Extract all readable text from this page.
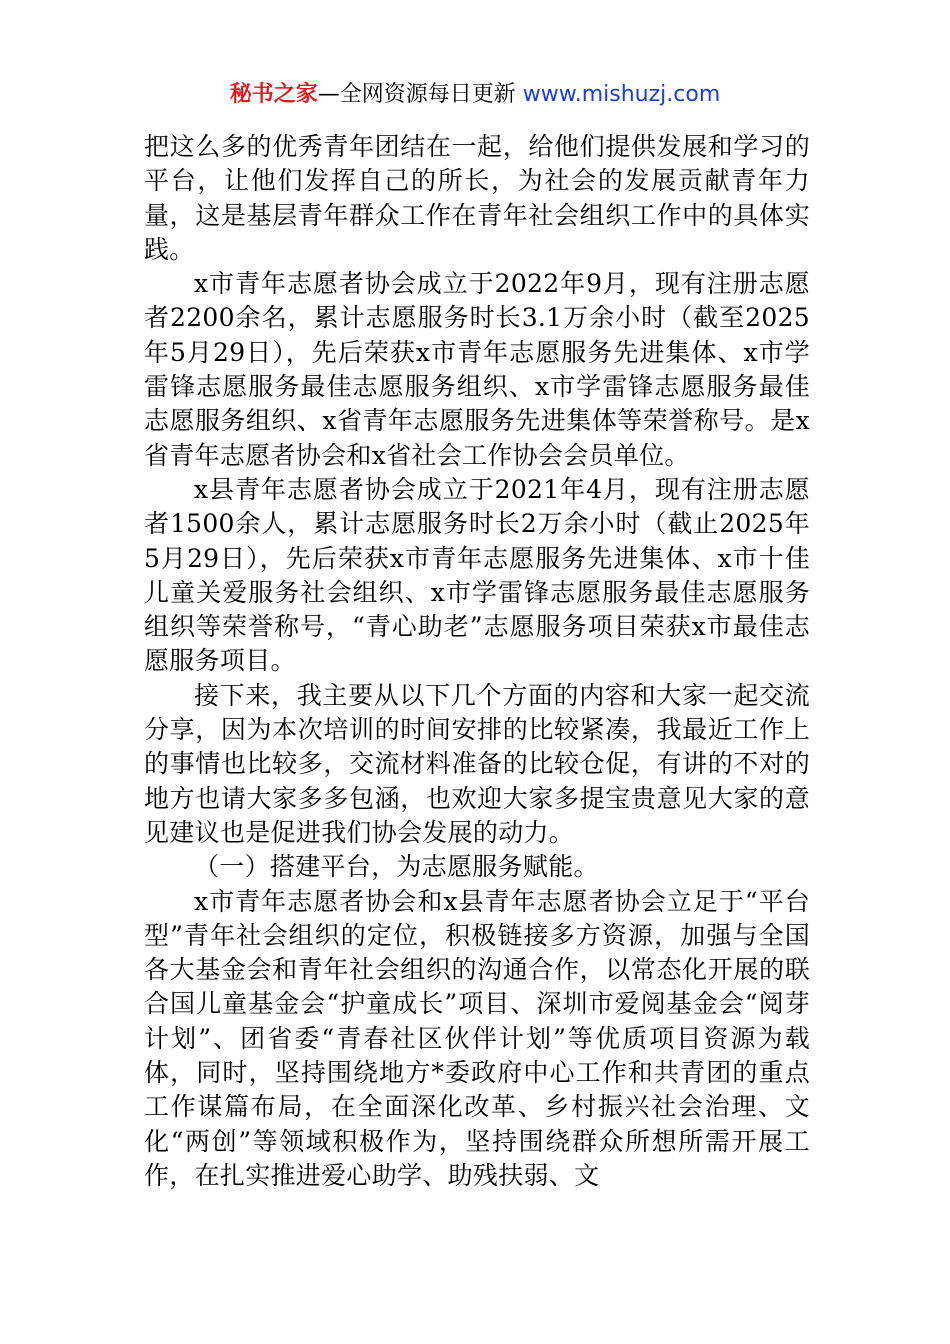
秘书之家—全网资源每日更新 www.mishuzj.com

把这么多的优秀青年团结在一起，给他们提供发展和学习的平台，让他们发挥自己的所长，为社会的发展贡献青年力量，这是基层青年群众工作在青年社会组织工作中的具体实践。

x市青年志愿者协会成立于2022年9月，现有注册志愿者2200余名，累计志愿服务时长3.1万余小时（截至2025年5月29日），先后荣获x市青年志愿服务先进集体、x市学雷锋志愿服务最佳志愿服务组织、x市学雷锋志愿服务最佳志愿服务组织、x省青年志愿服务先进集体等荣誉称号。是x省青年志愿者协会和x省社会工作协会会员单位。

x县青年志愿者协会成立于2021年4月，现有注册志愿者1500余人，累计志愿服务时长2万余小时（截止2025年5月29日），先后荣获x市青年志愿服务先进集体、x市十佳儿童关爱服务社会组织、x市学雷锋志愿服务最佳志愿服务组织等荣誉称号，“青心助老”志愿服务项目荣获x市最佳志愿服务项目。

接下来，我主要从以下几个方面的内容和大家一起交流分享，因为本次培训的时间安排的比较紧凑，我最近工作上的事情也比较多，交流材料准备的比较仓促，有讲的不对的地方也请大家多多包涵，也欢迎大家多提宝贵意见大家的意见建议也是促进我们协会发展的动力。

（一）搭建平台，为志愿服务赋能。

x市青年志愿者协会和x县青年志愿者协会立足于“平台型”青年社会组织的定位，积极链接多方资源，加强与全国各大基金会和青年社会组织的沟通合作，以常态化开展的联合国儿童基金会“护童成长”项目、深圳市爱阅基金会“阅芽计划”、团省委“青春社区伙伴计划”等优质项目资源为载体，同时，坚持围绕地方*委政府中心工作和共青团的重点工作谋篇布局，在全面深化改革、乡村振兴社会治理、文化“两创”等领域积极作为，坚持围绕群众所想所需开展工作，在扎实推进爱心助学、助残扶弱、文
